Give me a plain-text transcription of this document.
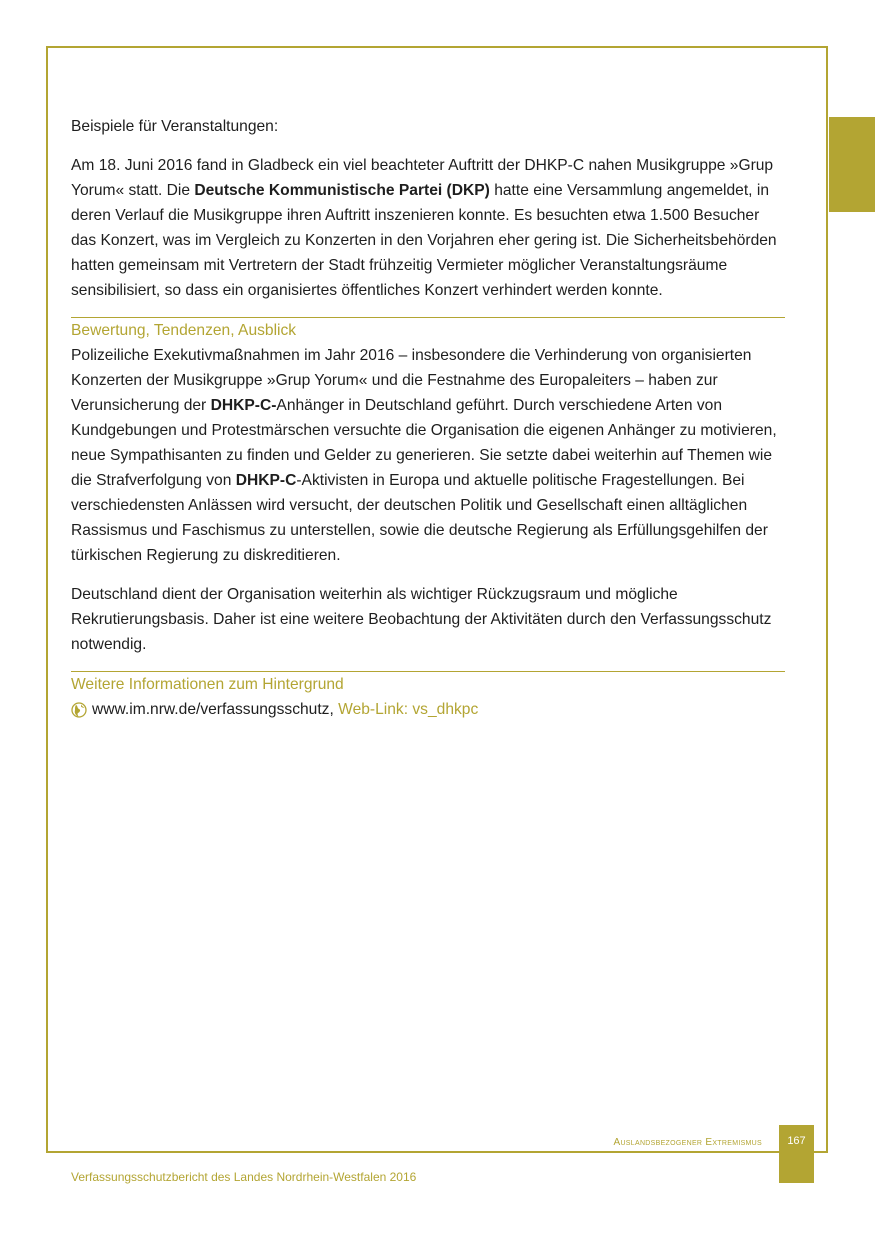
Beispiele für Veranstaltungen:

Am 18. Juni 2016 fand in Gladbeck ein viel beachteter Auftritt der DHKP-C nahen Musikgruppe »Grup Yorum« statt. Die Deutsche Kommunistische Partei (DKP) hatte eine Versammlung angemeldet, in deren Verlauf die Musikgruppe ihren Auftritt inszenieren konnte. Es besuchten etwa 1.500 Besucher das Konzert, was im Vergleich zu Konzerten in den Vorjahren eher gering ist. Die Sicherheitsbehörden hatten gemeinsam mit Vertretern der Stadt frühzeitig Vermieter möglicher Veranstaltungsräume sensibilisiert, so dass ein organisiertes öffentliches Konzert verhindert werden konnte.

Bewertung, Tendenzen, Ausblick

Polizeiliche Exekutivmaßnahmen im Jahr 2016 – insbesondere die Verhinderung von organisierten Konzerten der Musikgruppe »Grup Yorum« und die Festnahme des Europaleiters – haben zur Verunsicherung der DHKP-C-Anhänger in Deutschland geführt. Durch verschiedene Arten von Kundgebungen und Protestmärschen versuchte die Organisation die eigenen Anhänger zu motivieren, neue Sympathisanten zu finden und Gelder zu generieren. Sie setzte dabei weiterhin auf Themen wie die Strafverfolgung von DHKP-C-Aktivisten in Europa und aktuelle politische Fragestellungen. Bei verschiedensten Anlässen wird versucht, der deutschen Politik und Gesellschaft einen alltäglichen Rassismus und Faschismus zu unterstellen, sowie die deutsche Regierung als Erfüllungsgehilfen der türkischen Regierung zu diskreditieren.

Deutschland dient der Organisation weiterhin als wichtiger Rückzugsraum und mögliche Rekrutierungsbasis. Daher ist eine weitere Beobachtung der Aktivitäten durch den Verfassungsschutz notwendig.

Weitere Informationen zum Hintergrund

www.im.nrw.de/verfassungsschutz,
Web-Link: vs_dhkpc
Auslandsbezogener Extremismus	167
Verfassungsschutzbericht des Landes Nordrhein-Westfalen 2016
